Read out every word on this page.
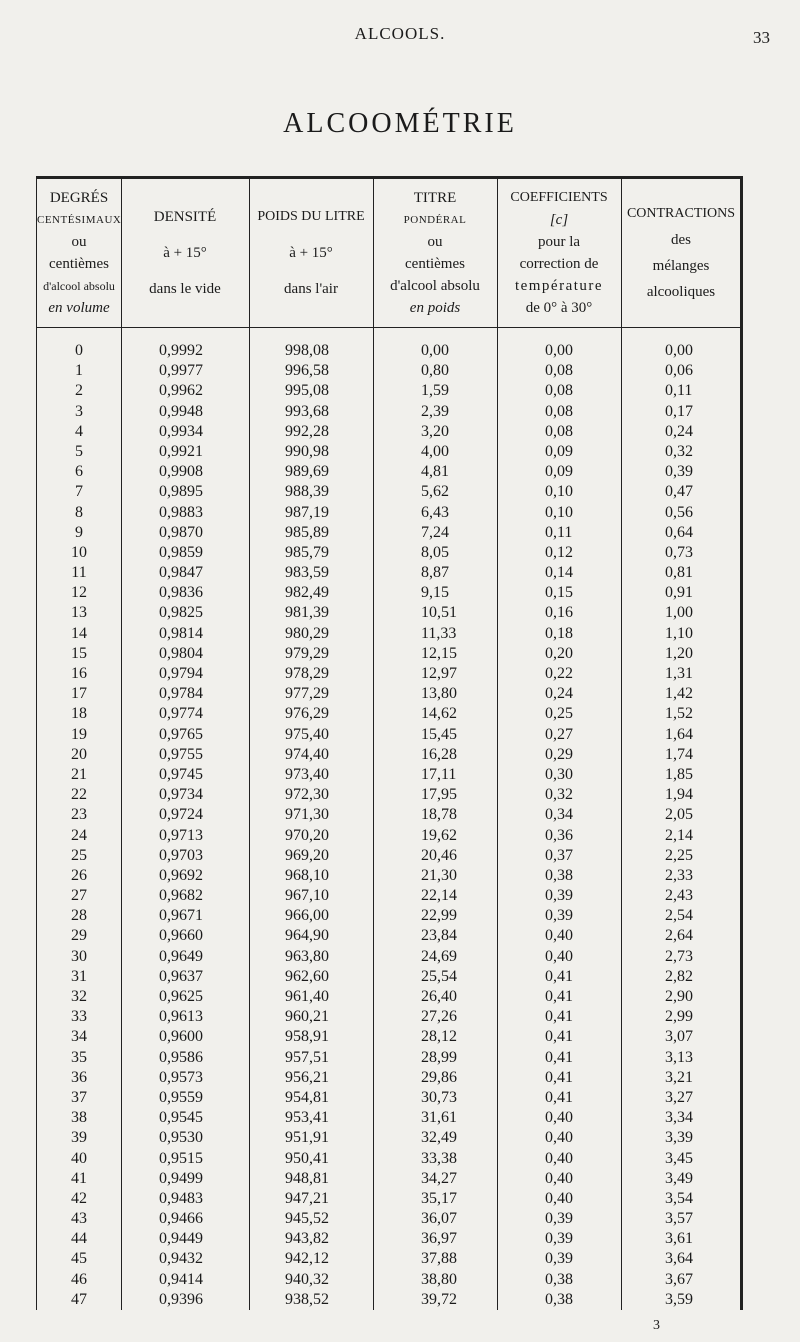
ALCOOLS.	33
ALCOOMÉTRIE
DEGRÉS
CENTÉSIMAUX
ou
centièmes
d'alcool absolu
en volume
DENSITÉ
à + 15°
dans le vide
POIDS DU LITRE
à + 15°
dans l'air
TITRE
PONDÉRAL
ou
centièmes
d'alcool absolu
en poids
CONTRACTIONS
des
mélanges
alcooliques
COEFFICIENTS
[c]
pour la
correction de
température
de 0° à 30°
0
1
2
3
4
5
6
7
8
9
10
11
12
13
14
15
16
17
18
19
20
21
22
23
24
25
26
27
28
29
30
31
32
33
34
35
36
37
38
39
40
41
42
43
44
45
46
47
0,9992
0,9977
0,9962
0,9948
0,9934
0,9921
0,9908
0,9895
0,9883
0,9870
0,9859
0,9847
0,9836
0,9825
0,9814
0,9804
0,9794
0,9784
0,9774
0,9765
0,9755
0,9745
0,9734
0,9724
0,9713
0,9703
0,9692
0,9682
0,9671
0,9660
0,9649
0,9637
0,9625
0,9613
0,9600
0,9586
0,9573
0,9559
0,9545
0,9530
0,9515
0,9499
0,9483
0,9466
0,9449
0,9432
0,9414
0,9396
998,08
996,58
995,08
993,68
992,28
990,98
989,69
988,39
987,19
985,89
985,79
983,59
982,49
981,39
980,29
979,29
978,29
977,29
976,29
975,40
974,40
973,40
972,30
971,30
970,20
969,20
968,10
967,10
966,00
964,90
963,80
962,60
961,40
960,21
958,91
957,51
956,21
954,81
953,41
951,91
950,41
948,81
947,21
945,52
943,82
942,12
940,32
938,52
0,00
0,80
1,59
2,39
3,20
4,00
4,81
5,62
6,43
7,24
8,05
8,87
9,15
10,51
11,33
12,15
12,97
13,80
14,62
15,45
16,28
17,11
17,95
18,78
19,62
20,46
21,30
22,14
22,99
23,84
24,69
25,54
26,40
27,26
28,12
28,99
29,86
30,73
31,61
32,49
33,38
34,27
35,17
36,07
36,97
37,88
38,80
39,72
0,00
0,08
0,08
0,08
0,08
0,09
0,09
0,10
0,10
0,11
0,12
0,14
0,15
0,16
0,18
0,20
0,22
0,24
0,25
0,27
0,29
0,30
0,32
0,34
0,36
0,37
0,38
0,39
0,39
0,40
0,40
0,41
0,41
0,41
0,41
0,41
0,41
0,41
0,40
0,40
0,40
0,40
0,40
0,39
0,39
0,39
0,38
0,38
0,00
0,06
0,11
0,17
0,24
0,32
0,39
0,47
0,56
0,64
0,73
0,81
0,91
1,00
1,10
1,20
1,31
1,42
1,52
1,64
1,74
1,85
1,94
2,05
2,14
2,25
2,33
2,43
2,54
2,64
2,73
2,82
2,90
2,99
3,07
3,13
3,21
3,27
3,34
3,39
3,45
3,49
3,54
3,57
3,61
3,64
3,67
3,59
3
